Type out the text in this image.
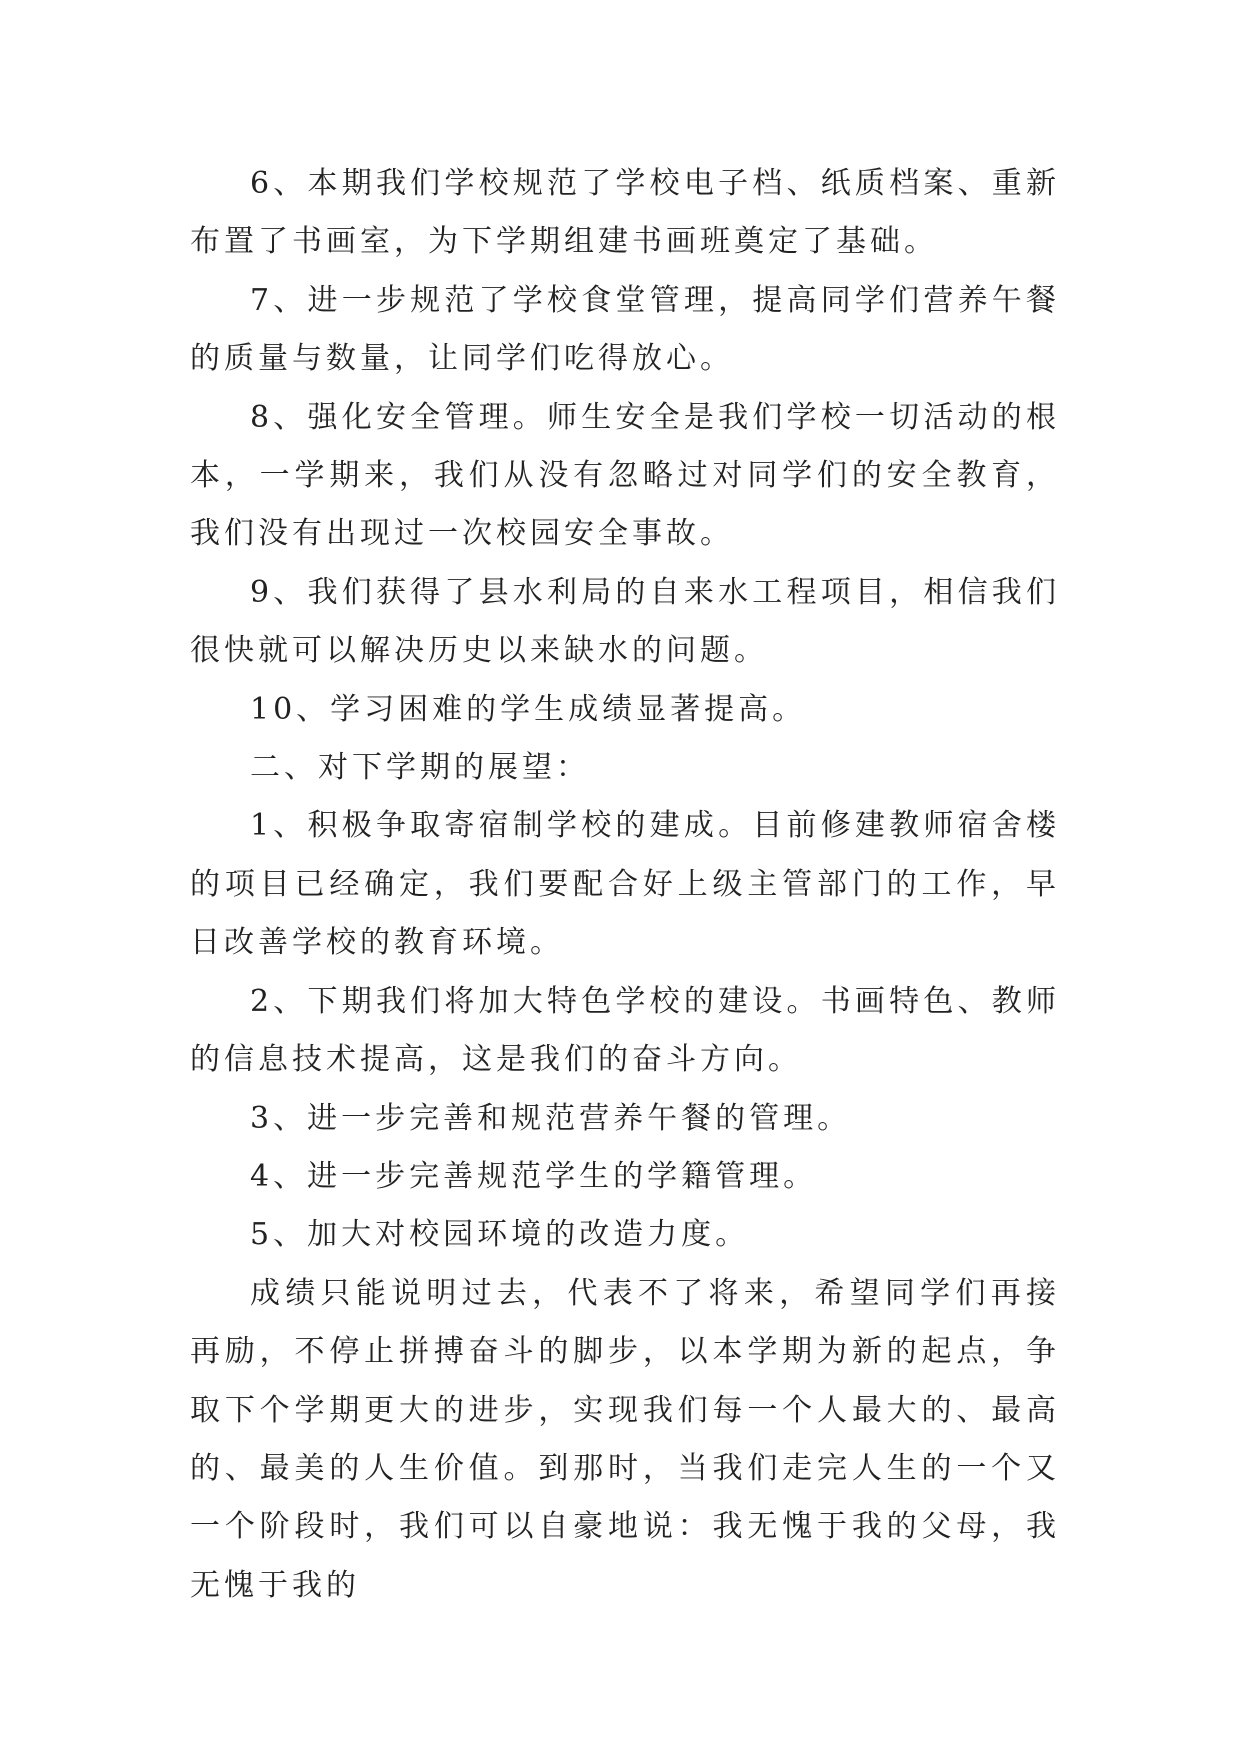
6、本期我们学校规范了学校电子档、纸质档案、重新布置了书画室，为下学期组建书画班奠定了基础。

7、进一步规范了学校食堂管理，提高同学们营养午餐的质量与数量，让同学们吃得放心。

8、强化安全管理。师生安全是我们学校一切活动的根本，一学期来，我们从没有忽略过对同学们的安全教育，我们没有出现过一次校园安全事故。

9、我们获得了县水利局的自来水工程项目，相信我们很快就可以解决历史以来缺水的问题。

10、学习困难的学生成绩显著提高。

二、对下学期的展望：

1、积极争取寄宿制学校的建成。目前修建教师宿舍楼的项目已经确定，我们要配合好上级主管部门的工作，早日改善学校的教育环境。

2、下期我们将加大特色学校的建设。书画特色、教师的信息技术提高，这是我们的奋斗方向。

3、进一步完善和规范营养午餐的管理。

4、进一步完善规范学生的学籍管理。

5、加大对校园环境的改造力度。

成绩只能说明过去，代表不了将来，希望同学们再接再励，不停止拼搏奋斗的脚步，以本学期为新的起点，争取下个学期更大的进步，实现我们每一个人最大的、最高的、最美的人生价值。到那时，当我们走完人生的一个又一个阶段时，我们可以自豪地说：我无愧于我的父母，我无愧于我的
